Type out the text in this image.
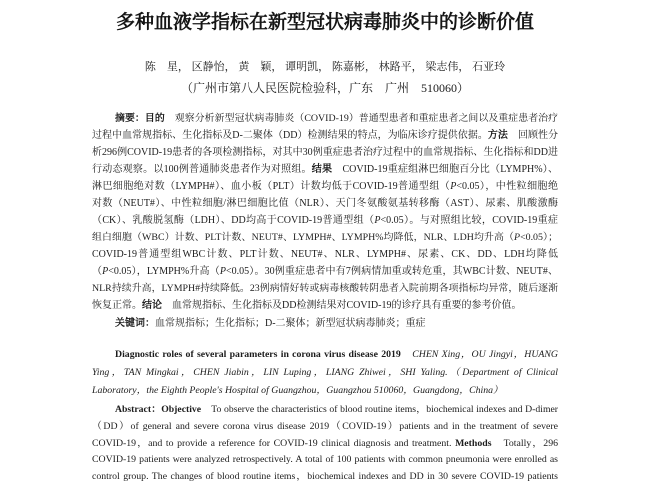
多种血液学指标在新型冠状病毒肺炎中的诊断价值
陈　星， 区静怡， 黄　颖， 谭明凯， 陈嘉彬， 林路平， 梁志伟， 石亚玲
（广州市第八人民医院检验科，广东　广州　510060）
摘要：目的　观察分析新型冠状病毒肺炎（COVID-19）普通型患者和重症患者之间以及重症患者治疗
过程中血常规指标、生化指标及D-二聚体（DD）检测结果的特点，为临床诊疗提供依据。方法　回顾性分
析296例COVID-19患者的各项检测指标，对其中30例重症患者治疗过程中的血常规指标、生化指标和DD进
行动态观察。以100例普通肺炎患者作为对照组。结果　COVID-19重症组淋巴细胞百分比（LYMPH%）、
淋巴细胞绝对数（LYMPH#）、血小板（PLT）计数均低于COVID-19普通型组（P<0.05），中性粒细胞绝
对数（NEUT#）、中性粒细胞/淋巴细胞比值（NLR）、天门冬氨酸氨基转移酶（AST）、尿素、肌酸激酶
（CK）、乳酸脱氢酶（LDH）、DD均高于COVID-19普通型组（P<0.05）。与对照组比较，COVID-19重症
组白细胞（WBC）计数、PLT计数、NEUT#、LYMPH#、LYMPH%均降低，NLR、LDH均升高（P<0.05）；
COVID-19普通型组WBC计数、PLT计数、NEUT#、NLR、LYMPH#、尿素、CK、DD、LDH均降低
（P<0.05），LYMPH%升高（P<0.05）。30例重症患者中有7例病情加重或转危重，其WBC计数、NEUT#、
NLR持续升高，LYMPH#持续降低。23例病情好转或病毒核酸转阴患者入院前期各项指标均异常，随后逐渐
恢复正常。结论　血常规指标、生化指标及DD检测结果对COVID-19的诊疗具有重要的参考价值。
关键词：血常规指标；生化指标；D-二聚体；新型冠状病毒肺炎；重症
Diagnostic roles of several parameters in corona virus disease 2019　CHEN Xing，OU Jingyi，HUANG
Ying，TAN Mingkai，CHEN Jiabin，LIN Luping，LIANG Zhiwei，SHI Yaling.（Department of Clinical
Laboratory，the Eighth People's Hospital of Guangzhou，Guangzhou 510060，Guangdong，China）
Abstract：Objective　To observe the characteristics of blood routine items，biochemical indexes and D-dimer
（DD）of general and severe corona virus disease 2019（COVID-19）patients and in the treatment of severe
COVID-19，and to provide a reference for COVID-19 clinical diagnosis and treatment. Methods　Totally，296
COVID-19 patients were analyzed retrospectively. A total of 100 patients with common pneumonia were enrolled as
control group. The changes of blood routine items，biochemical indexes and DD in 30 severe COVID-19 patients
